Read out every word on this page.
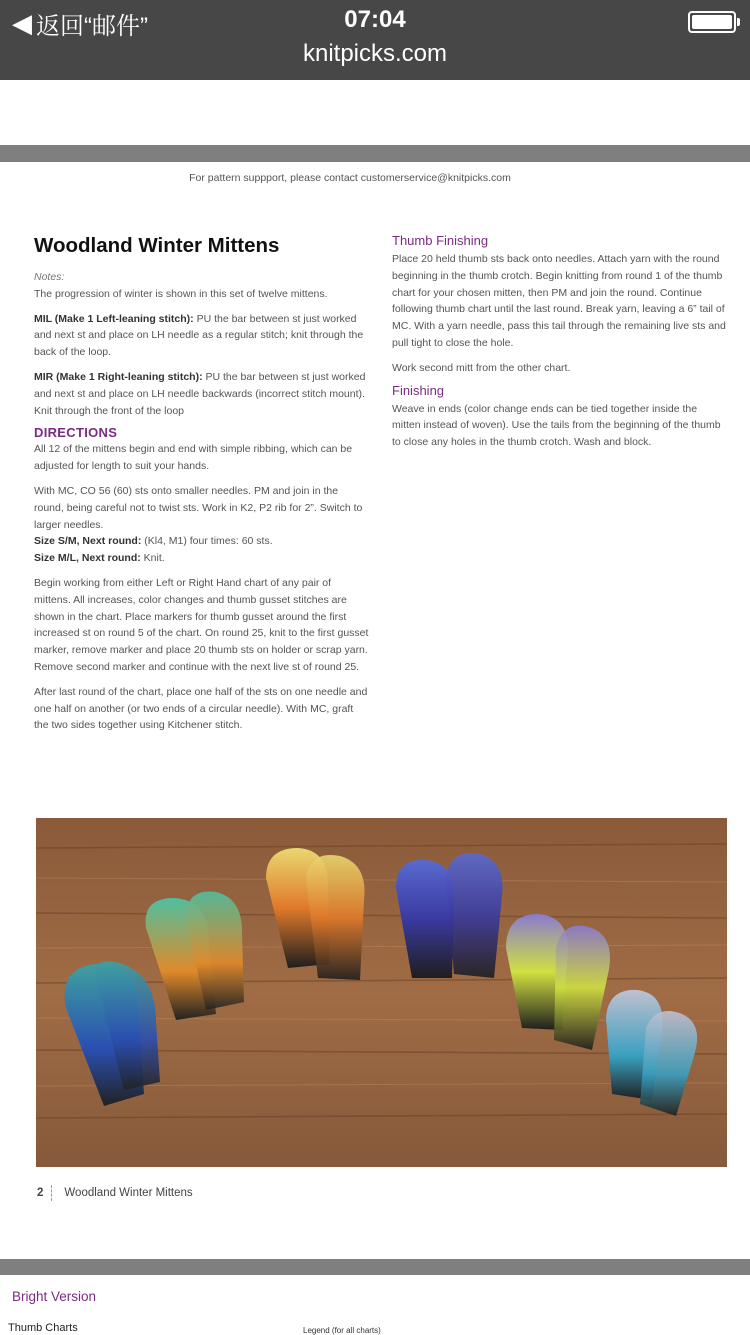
◀ 返回“邮件”	07:04
knitpicks.com
For pattern suppport, please contact customerservice@knitpicks.com
Woodland Winter Mittens
Notes:

The progression of winter is shown in this set of twelve mittens.

MIL (Make 1 Left-leaning stitch): PU the bar between st just worked and next st and place on LH needle as a regular stitch; knit through the back of the loop.

MIR (Make 1 Right-leaning stitch): PU the bar between st just worked and next st and place on LH needle backwards (incorrect stitch mount). Knit through the front of the loop

DIRECTIONS

All 12 of the mittens begin and end with simple ribbing, which can be adjusted for length to suit your hands.

With MC, CO 56 (60) sts onto smaller needles. PM and join in the round, being careful not to twist sts. Work in K2, P2 rib for 2”. Switch to larger needles.

Size S/M, Next round: (Kl4, M1) four times: 60 sts.

Size M/L, Next round: Knit.

Begin working from either Left or Right Hand chart of any pair of mittens. All increases, color changes and thumb gusset stitches are shown in the chart. Place markers for thumb gusset around the first increased st on round 5 of the chart. On round 25, knit to the first gusset marker, remove marker and place 20 thumb sts on holder or scrap yarn. Remove second marker and continue with the next live st of round 25.

After last round of the chart, place one half of the sts on one needle and one half on another (or two ends of a circular needle). With MC, graft the two sides together using Kitchener stitch.

Thumb Finishing

Place 20 held thumb sts back onto needles. Attach yarn with the round beginning in the thumb crotch. Begin knitting from round 1 of the thumb chart for your chosen mitten, then PM and join the round. Continue following thumb chart until the last round. Break yarn, leaving a 6” tail of MC. With a yarn needle, pass this tail through the remaining live sts and pull tight to close the hole.

Work second mitt from the other chart.

Finishing

Weave in ends (color change ends can be tied together inside the mitten instead of woven). Use the tails from the beginning of the thumb to close any holes in the thumb crotch. Wash and block.

2 Woodland Winter Mittens
Bright Version
Thumb Charts	Legend (for all charts)
